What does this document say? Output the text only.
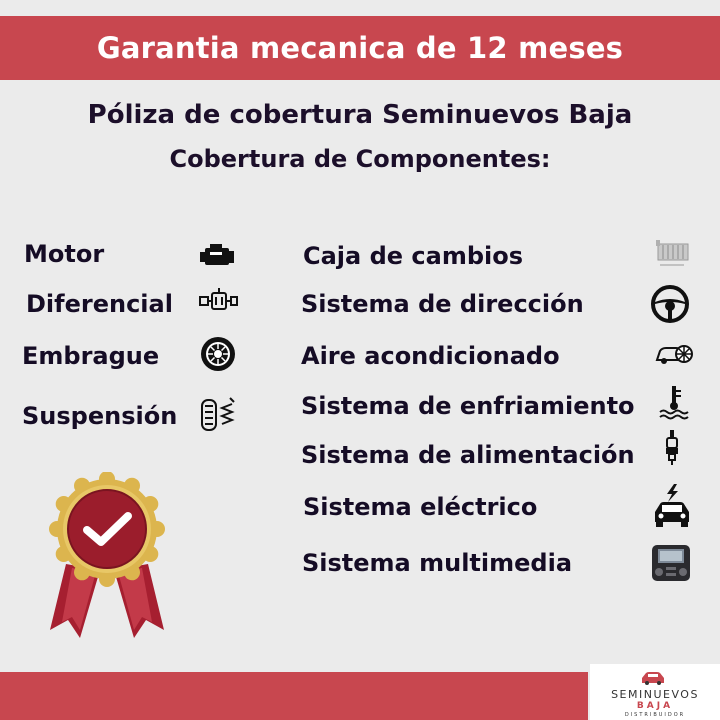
Garantia mecanica de 12 meses
Póliza de cobertura Seminuevos Baja
Cobertura de Componentes:
Motor
Diferencial
Embrague
Suspensión
Caja de cambios
Sistema de dirección
Aire acondicionado
Sistema de enfriamiento
Sistema de alimentación
Sistema eléctrico
Sistema multimedia
SEMINUEVOS
BAJA
DISTRIBUIDOR
